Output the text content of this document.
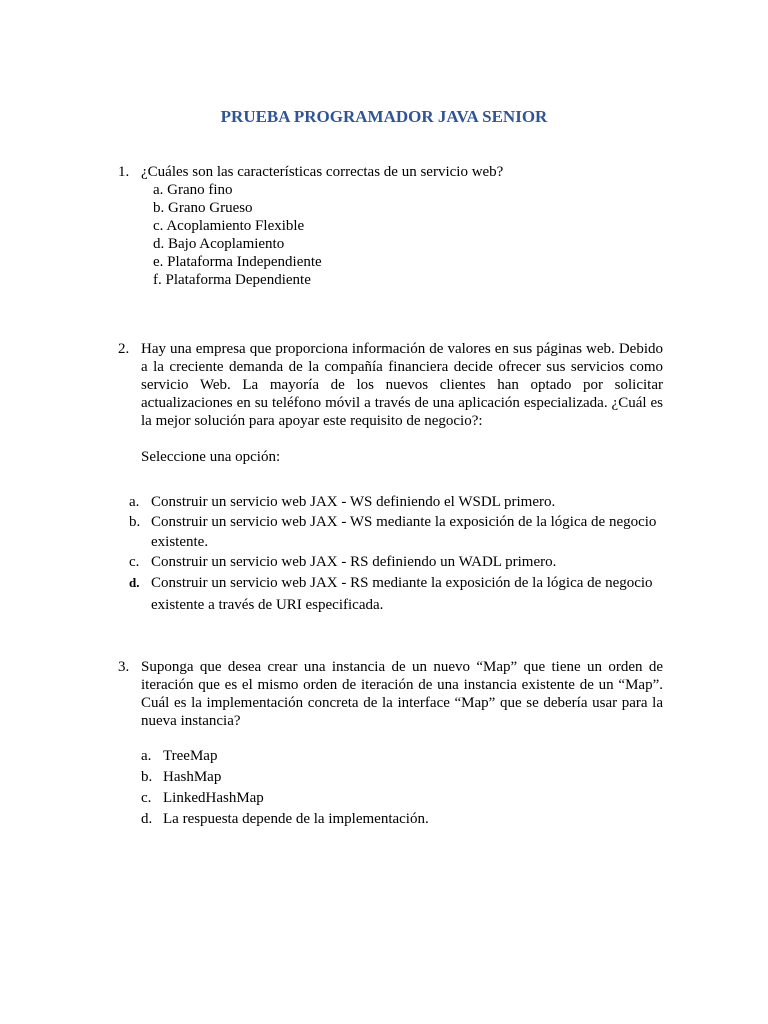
PRUEBA PROGRAMADOR JAVA SENIOR
1. ¿Cuáles son las características correctas de un servicio web?
a. Grano fino
b. Grano Grueso
c. Acoplamiento Flexible
d. Bajo Acoplamiento
e. Plataforma Independiente
f. Plataforma Dependiente
2. Hay una empresa que proporciona información de valores en sus páginas web. Debido a la creciente demanda de la compañía financiera decide ofrecer sus servicios como servicio Web. La mayoría de los nuevos clientes han optado por solicitar actualizaciones en su teléfono móvil a través de una aplicación especializada. ¿Cuál es la mejor solución para apoyar este requisito de negocio?:
Seleccione una opción:
a. Construir un servicio web JAX - WS definiendo el WSDL primero.
b. Construir un servicio web JAX - WS mediante la exposición de la lógica de negocio existente.
c. Construir un servicio web JAX - RS definiendo un WADL primero.
d. Construir un servicio web JAX - RS mediante la exposición de la lógica de negocio existente a través de URI especificada.
3. Suponga que desea crear una instancia de un nuevo “Map” que tiene un orden de iteración que es el mismo orden de iteración de una instancia existente de un “Map”. Cuál es la implementación concreta de la interface “Map” que se debería usar para la nueva instancia?
a. TreeMap
b. HashMap
c. LinkedHashMap
d. La respuesta depende de la implementación.
